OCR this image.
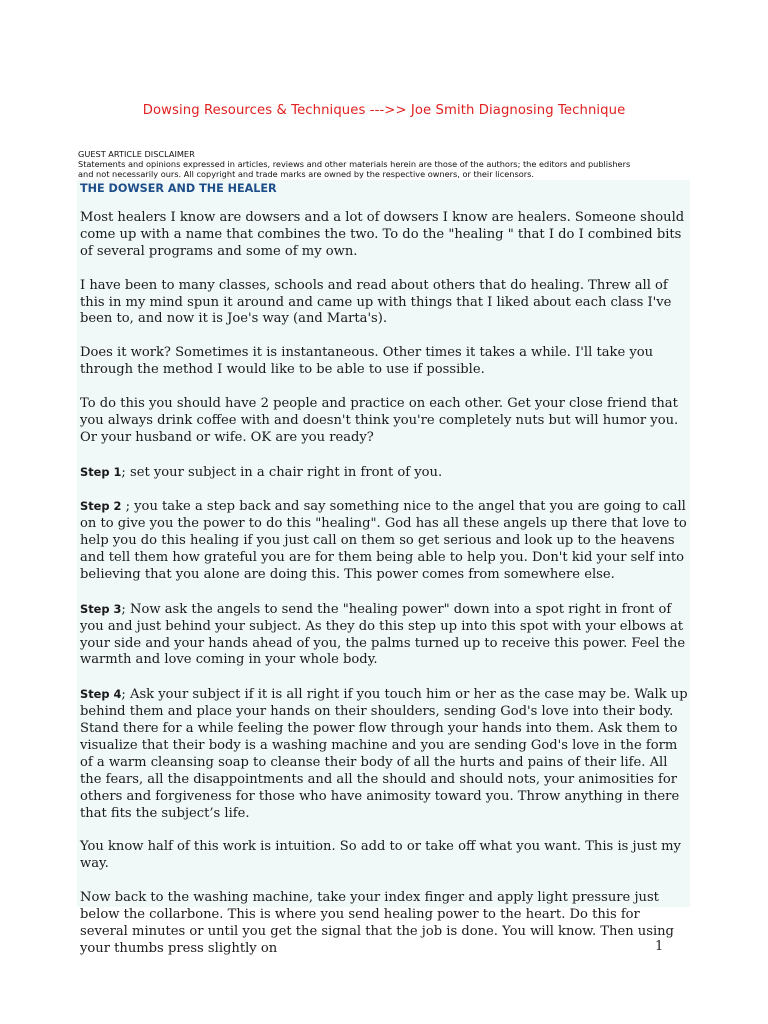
Dowsing Resources & Techniques --->> Joe Smith Diagnosing Technique
GUEST ARTICLE DISCLAIMER
Statements and opinions expressed in articles, reviews and other materials herein are those of the authors; the editors and publishers
and not necessarily ours. All copyright and trade marks are owned by the respective owners, or their licensors.
THE DOWSER AND THE HEALER

Most healers I know are dowsers and a lot of dowsers I know are healers. Someone should come up with a name that combines the two. To do the "healing " that I do I combined bits of several programs and some of my own.

I have been to many classes, schools and read about others that do healing. Threw all of this in my mind spun it around and came up with things that I liked about each class I've been to, and now it is Joe's way (and Marta's).

Does it work? Sometimes it is instantaneous. Other times it takes a while. I'll take you through the method I would like to be able to use if possible.

To do this you should have 2 people and practice on each other. Get your close friend that you always drink coffee with and doesn't think you're completely nuts but will humor you. Or your husband or wife. OK are you ready?

Step 1; set your subject in a chair right in front of you.

Step 2 ; you take a step back and say something nice to the angel that you are going to call on to give you the power to do this "healing". God has all these angels up there that love to help you do this healing if you just call on them so get serious and look up to the heavens and tell them how grateful you are for them being able to help you. Don't kid your self into believing that you alone are doing this. This power comes from somewhere else.

Step 3; Now ask the angels to send the "healing power" down into a spot right in front of you and just behind your subject. As they do this step up into this spot with your elbows at your side and your hands ahead of you, the palms turned up to receive this power. Feel the warmth and love coming in your whole body.

Step 4; Ask your subject if it is all right if you touch him or her as the case may be. Walk up behind them and place your hands on their shoulders, sending God's love into their body. Stand there for a while feeling the power flow through your hands into them. Ask them to visualize that their body is a washing machine and you are sending God's love in the form of a warm cleansing soap to cleanse their body of all the hurts and pains of their life. All the fears, all the disappointments and all the should and should nots, your animosities for others and forgiveness for those who have animosity toward you. Throw anything in there that fits the subject’s life.

You know half of this work is intuition. So add to or take off what you want. This is just my way.

Now back to the washing machine, take your index finger and apply light pressure just below the collarbone. This is where you send healing power to the heart. Do this for several minutes or until you get the signal that the job is done. You will know. Then using your thumbs press slightly on	1
